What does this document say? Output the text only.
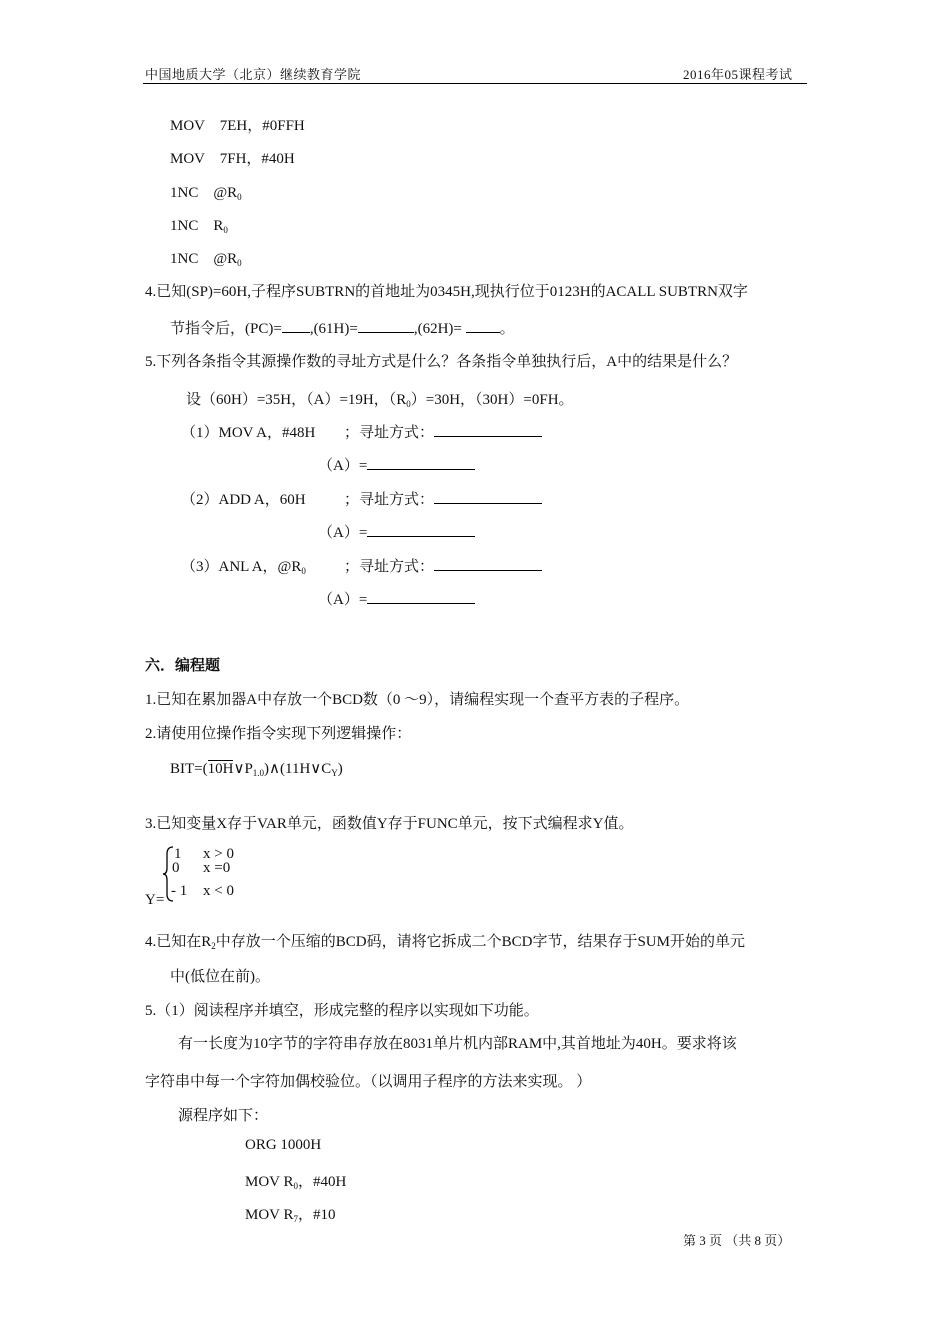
中国地质大学（北京）继续教育学院	2016年05课程考试
MOV　7EH，#0FFH
MOV　7FH，#40H
1NC　$@R_0$
1NC　$R_0$
1NC　$@R_0$
4.已知(SP)=60H,子程序SUBTRN的首地址为0345H,现执行位于0123H的ACALL SUBTRN双字
节指令后，(PC)= ,(61H)=	,(62H)= 。
5.下列各条指令其源操作数的寻址方式是什么？各条指令单独执行后，A中的结果是什么？
设（60H）=35H，（A）=19H，$(R_0)=30H$，（30H）=0FH。
（1）MOV A，#48H ；寻址方式：
（A）=
（2）ADD A，60H	；寻址方式：
（A）=
（3）ANL A，$@R_0$	；寻址方式：
（A）=
六．编程题
1.已知在累加器A中存放一个BCD数（0 ～9），请编程实现一个查平方表的子程序。
2.请使用位操作指令实现下列逻辑操作：
$BIT=(10H\vee P_{1.0})\wedge(11H\vee C_Y)$
3.已知变量X存于VAR单元，函数值Y存于FUNC单元，按下式编程求Y值。
Y=
1 x > 0
0 x =0
- 1 x < 0
4.已知在$R_2$中存放一个压缩的BCD码，请将它拆成二个BCD字节，结果存于SUM开始的单元
中(低位在前)。
5.（1）阅读程序并填空，形成完整的程序以实现如下功能。
有一长度为10字节的字符串存放在8031单片机内部RAM中,其首地址为40H。要求将该
字符串中每一个字符加偶校验位。（以调用子程序的方法来实现。 ）
源程序如下：
ORG 1000H
MOV $R_0$，#40H
MOV $R_7$，#10
第 3 页 （共 8 页）
